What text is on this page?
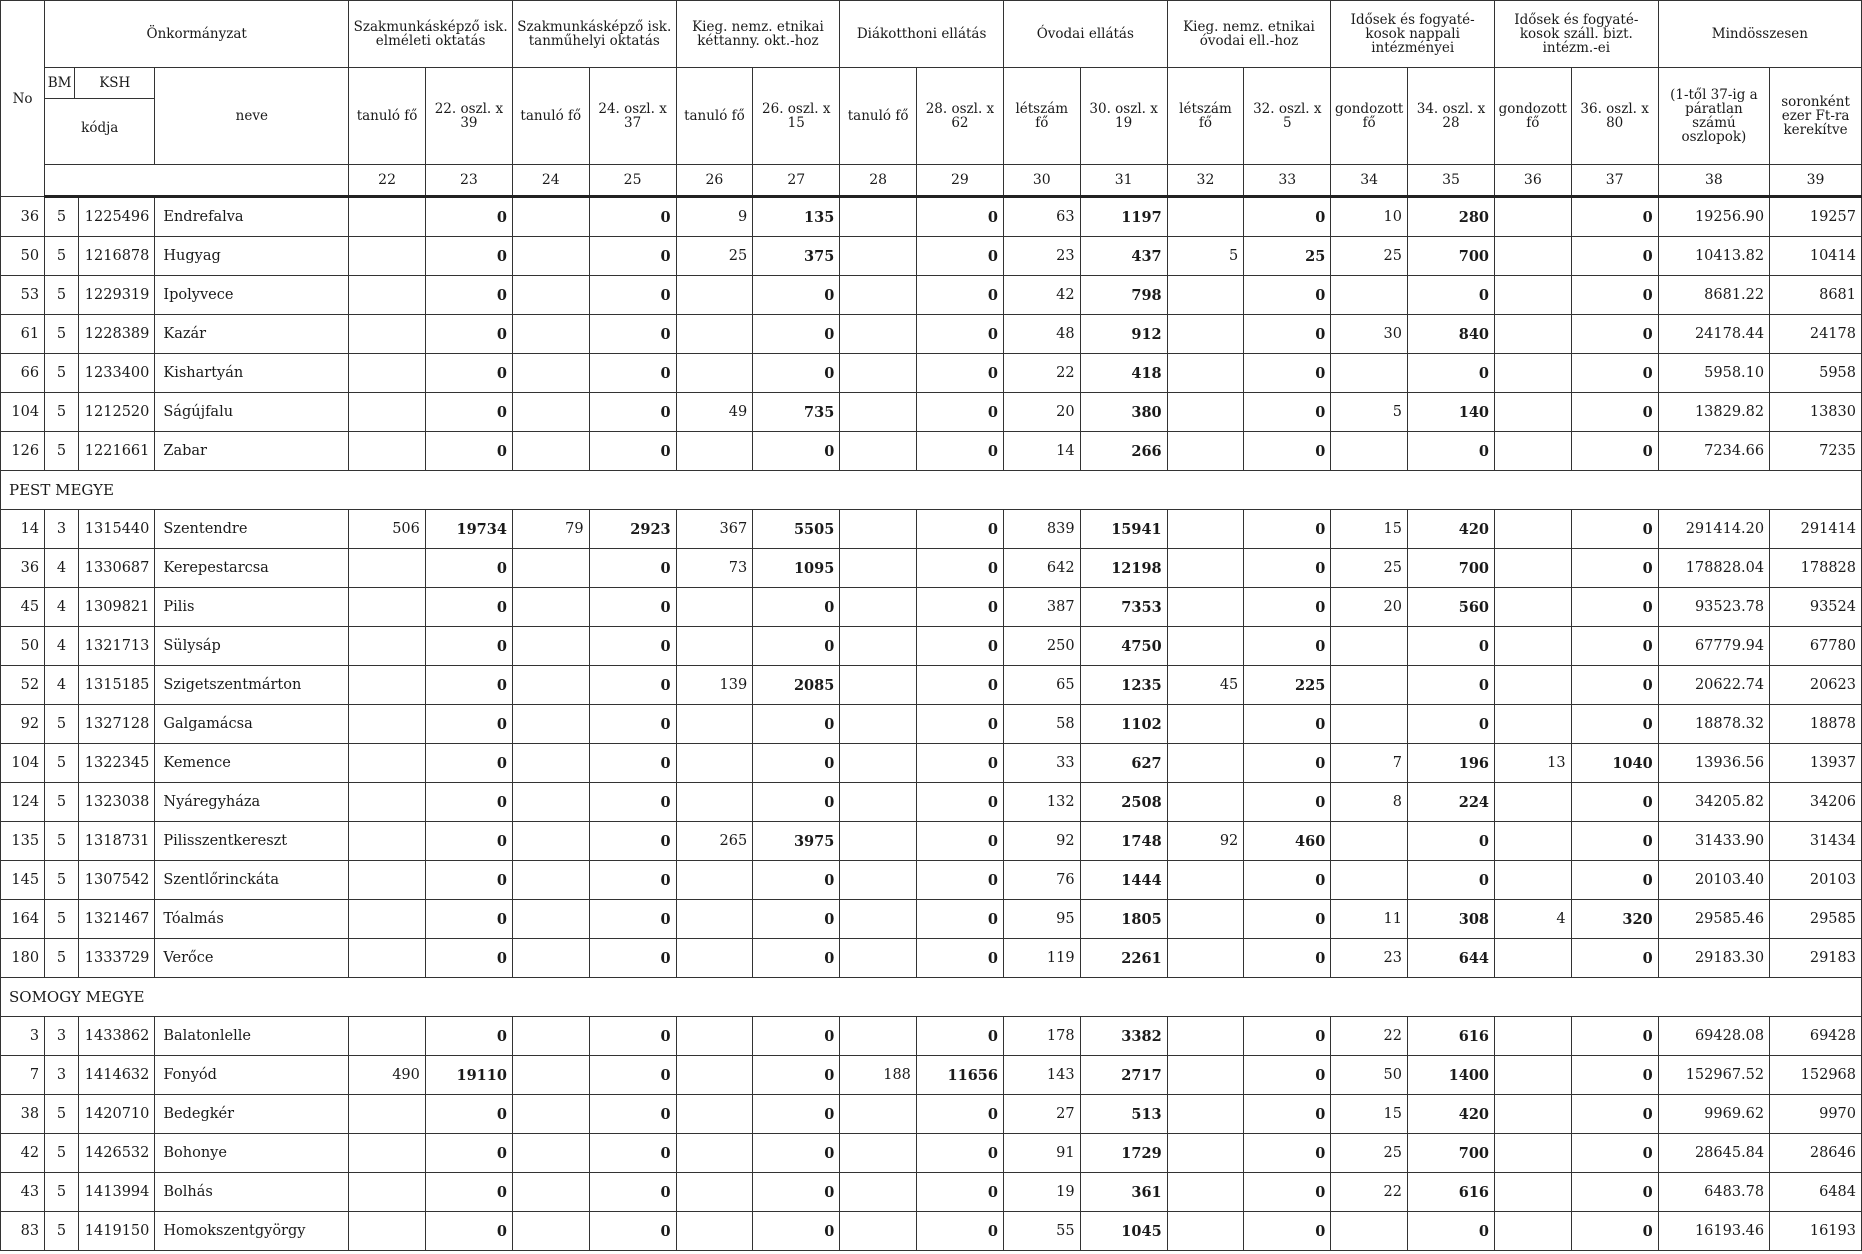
No	Önkormányzat			Szakmunkásképző isk. elméleti oktatás		Szakmunkásképző isk. tanműhelyi oktatás		Kieg. nemz. etnikai kéttanny. okt.-hoz		Diákotthoni ellátás		Óvodai ellátás		Kieg. nemz. etnikai óvodai ell.-hoz		Idősek és fogyaté-kosok nappali intézményei		Idősek és fogyaté-kosok száll. bizt. intézm.-ei		Mindösszesen	

	BM KSH
kódja		neve	tanuló fő	22. oszl. x 39	tanuló fő	24. oszl. x 37	tanuló fő	26. oszl. x 15	tanuló fő	28. oszl. x 62	létszám fő	30. oszl. x 19	létszám fő	32. oszl. x 5	gondozott fő	34. oszl. x 28	gondozott fő	36. oszl. x 80	(1-től 37-ig a páratlan számú oszlopok)	soronként ezer Ft-ra kerekítve
				22	23	24	25	26	27	28	29	30	31	32	33	34	35	36	37	38	39
36	5	1225496	Endrefalva		0		0	9	135		0	63	1197		0	10	280		0	19256.90	19257
50	5	1216878	Hugyag		0		0	25	375		0	23	437	5	25	25	700		0	10413.82	10414
53	5	1229319	Ipolyvece		0		0		0		0	42	798		0		0		0	8681.22	8681
61	5	1228389	Kazár		0		0		0		0	48	912		0	30	840		0	24178.44	24178
66	5	1233400	Kishartyán		0		0		0		0	22	418		0		0		0	5958.10	5958
104	5	1212520	Ságújfalu		0		0	49	735		0	20	380		0	5	140		0	13829.82	13830
126	5	1221661	Zabar		0		0		0		0	14	266		0		0		0	7234.66	7235
PEST MEGYE																					
14	3	1315440	Szentendre	506	19734	79	2923	367	5505		0	839	15941		0	15	420		0	291414.20	291414
36	4	1330687	Kerepestarcsa		0		0	73	1095		0	642	12198		0	25	700		0	178828.04	178828
45	4	1309821	Pilis		0		0		0		0	387	7353		0	20	560		0	93523.78	93524
50	4	1321713	Sülysáp		0		0		0		0	250	4750		0		0		0	67779.94	67780
52	4	1315185	Szigetszentmárton		0		0	139	2085		0	65	1235	45	225		0		0	20622.74	20623
92	5	1327128	Galgamácsa		0		0		0		0	58	1102		0		0		0	18878.32	18878
104	5	1322345	Kemence		0		0		0		0	33	627		0	7	196	13	1040	13936.56	13937
124	5	1323038	Nyáregyháza		0		0		0		0	132	2508		0	8	224		0	34205.82	34206
135	5	1318731	Pilisszentkereszt		0		0	265	3975		0	92	1748	92	460		0		0	31433.90	31434
145	5	1307542	Szentlőrinckáta		0		0		0		0	76	1444		0		0		0	20103.40	20103
164	5	1321467	Tóalmás		0		0		0		0	95	1805		0	11	308	4	320	29585.46	29585
180	5	1333729	Verőce		0		0		0		0	119	2261		0	23	644		0	29183.30	29183
SOMOGY MEGYE																					
3	3	1433862	Balatonlelle		0		0		0		0	178	3382		0	22	616		0	69428.08	69428
7	3	1414632	Fonyód	490	19110		0		0	188	11656	143	2717		0	50	1400		0	152967.52	152968
38	5	1420710	Bedegkér		0		0		0		0	27	513		0	15	420		0	9969.62	9970
42	5	1426532	Bohonye		0		0		0		0	91	1729		0	25	700		0	28645.84	28646
43	5	1413994	Bolhás		0		0		0		0	19	361		0	22	616		0	6483.78	6484
83	5	1419150	Homokszentgyörgy		0		0		0		0	55	1045		0		0		0	16193.46	16193
